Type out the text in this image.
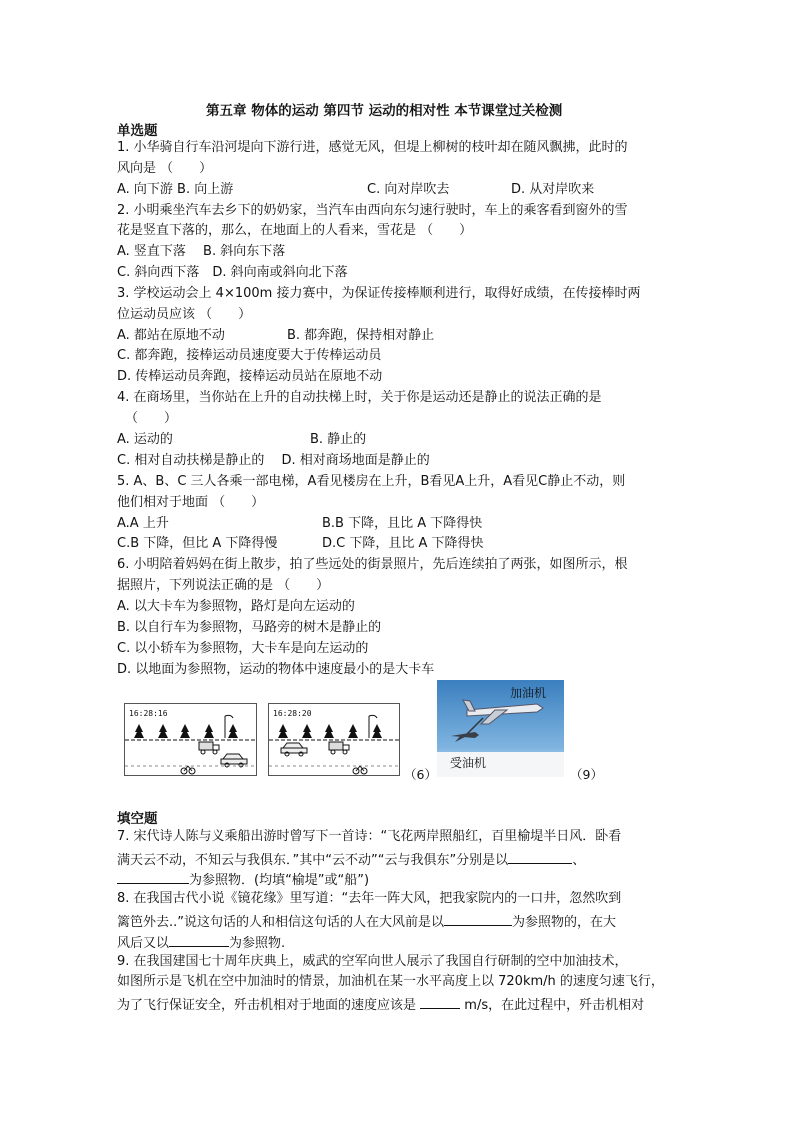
第五章 物体的运动 第四节 运动的相对性 本节课堂过关检测
单选题
1. 小华骑自行车沿河堤向下游行进，感觉无风，但堤上柳树的枝叶却在随风飘拂，此时的
风向是 （　　）
A. 向下游 B. 向上游	C. 向对岸吹去	D. 从对岸吹来
2. 小明乘坐汽车去乡下的奶奶家，当汽车由西向东匀速行驶时，车上的乘客看到窗外的雪
花是竖直下落的，那么，在地面上的人看来，雪花是 （　　）
A. 竖直下落　 B. 斜向东下落
C. 斜向西下落　D. 斜向南或斜向北下落
3. 学校运动会上 4×100m 接力赛中，为保证传接棒顺利进行，取得好成绩，在传接棒时两
位运动员应该 （　　）
A. 都站在原地不动	B. 都奔跑，保持相对静止
C. 都奔跑，接棒运动员速度要大于传棒运动员
D. 传棒运动员奔跑，接棒运动员站在原地不动
4. 在商场里，当你站在上升的自动扶梯上时，关于你是运动还是静止的说法正确的是
（　　）
A. 运动的	B. 静止的
C. 相对自动扶梯是静止的　 D. 相对商场地面是静止的
5. A、B、C 三人各乘一部电梯，A看见楼房在上升，B看见A上升，A看见C静止不动，则
他们相对于地面 （　　）
A.A 上升	B.B 下降，且比 A 下降得快
C.B 下降，但比 A 下降得慢	D.C 下降，且比 A 下降得快
6. 小明陪着妈妈在街上散步，拍了些远处的街景照片，先后连续拍了两张，如图所示，根
据照片，下列说法正确的是 （　　）
A. 以大卡车为参照物，路灯是向左运动的
B. 以自行车为参照物，马路旁的树木是静止的
C. 以小轿车为参照物，大卡车是向左运动的
D. 以地面为参照物，运动的物体中速度最小的是大卡车
16:28:16	16:28:20
（6）
加油机
受油机
（9）
填空题
7. 宋代诗人陈与义乘船出游时曾写下一首诗：“飞花两岸照船红，百里榆堤半日风．卧看
满天云不动，不知云与我俱东．”其中“云不动”“云与我俱东”分别是以	、
为参照物．(均填“榆堤”或“船”)
8. 在我国古代小说《镜花缘》里写道：“去年一阵大风，把我家院内的一口井，忽然吹到
篱笆外去..”说这句话的人和相信这句话的人在大风前是以	为参照物的，在大
风后又以	为参照物.
9. 在我国建国七十周年庆典上，威武的空军向世人展示了我国自行研制的空中加油技术，
如图所示是飞机在空中加油时的情景，加油机在某一水平高度上以 720km/h 的速度匀速飞行，
为了飞行保证安全，歼击机相对于地面的速度应该是	m/s，在此过程中，歼击机相对
